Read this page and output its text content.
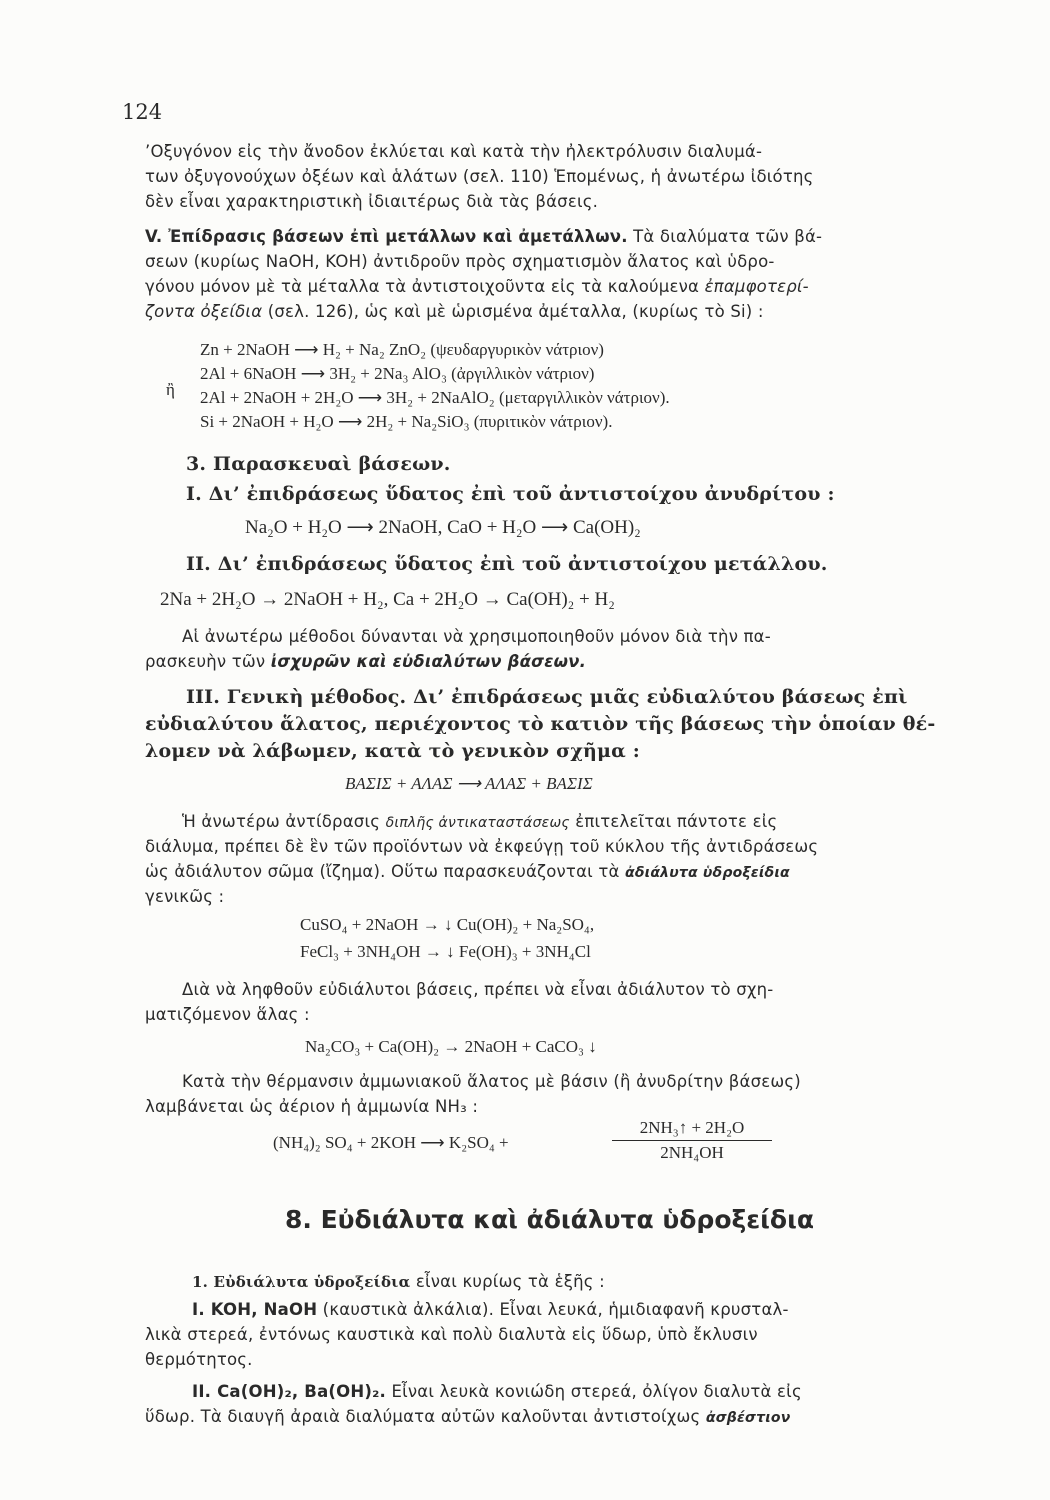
124
’Οξυγόνον εἰς τὴν ἄνοδον ἐκλύεται καὶ κατὰ τὴν ἠλεκτρόλυσιν διαλυμά-
των ὀξυγονούχων ὀξέων καὶ ἁλάτων (σελ. 110) Ἑπομένως, ἡ ἀνωτέρω ἰδιότης
δὲν εἶναι χαρακτηριστικὴ ἰδιαιτέρως διὰ τὰς βάσεις.
V. Ἐπίδρασις βάσεων ἐπὶ μετάλλων καὶ ἀμετάλλων. Τὰ διαλύματα τῶν βά-
σεων (κυρίως NaOH, KOH) ἀντιδροῦν πρὸς σχηματισμὸν ἅλατος καὶ ὑδρο-
γόνου μόνον μὲ τὰ μέταλλα τὰ ἀντιστοιχοῦντα εἰς τὰ καλούμενα ἐπαμφοτερί-
ζοντα ὀξείδια (σελ. 126), ὡς καὶ μὲ ὡρισμένα ἀμέταλλα, (κυρίως τὸ Si) :
Zn + 2NaOH ⟶ H₂ + Na₂ ZnO₂ (ψευδαργυρικὸν νάτριον)
2Al + 6NaOH ⟶ 3H₂ + 2Na₃ AlO₃ (ἀργιλλικὸν νάτριον)
ἢ 2Al + 2NaOH + 2H₂O ⟶ 3H₂ + 2NaAlO₂ (μεταργιλλικὸν νάτριον).
Si + 2NaOH + H₂O ⟶ 2H₂ + Na₂SiO₃ (πυριτικὸν νάτριον).
3. Παρασκευαὶ βάσεων.
I. Δι’ ἐπιδράσεως ὕδατος ἐπὶ τοῦ ἀντιστοίχου ἀνυδρίτου :
Na₂O + H₂O ⟶ 2NaOH, CaO + H₂O ⟶ Ca(OH)₂
II. Δι’ ἐπιδράσεως ὕδατος ἐπὶ τοῦ ἀντιστοίχου μετάλλου.
2Na + 2H₂O → 2NaOH + H₂, Ca + 2H₂O → Ca(OH)₂ + H₂
Αἱ ἀνωτέρω μέθοδοι δύνανται νὰ χρησιμοποιηθοῦν μόνον διὰ τὴν πα-
ρασκευὴν τῶν ἰσχυρῶν καὶ εὐδιαλύτων βάσεων.
III. Γενικὴ μέθοδος. Δι’ ἐπιδράσεως μιᾶς εὐδιαλύτου βάσεως ἐπὶ
εὐδιαλύτου ἅλατος, περιέχοντος τὸ κατιὸν τῆς βάσεως τὴν ὁποίαν θέ-
λομεν νὰ λάβωμεν, κατὰ τὸ γενικὸν σχῆμα :
ΒΑΣΙΣ + ΑΛΑΣ ⟶ ΑΛΑΣ + ΒΑΣΙΣ
Ἡ ἀνωτέρω ἀντίδρασις διπλῆς ἀντικαταστάσεως ἐπιτελεῖται πάντοτε εἰς
διάλυμα, πρέπει δὲ ἓν τῶν προϊόντων νὰ ἐκφεύγῃ τοῦ κύκλου τῆς ἀντιδράσεως
ὡς ἀδιάλυτον σῶμα (ἴζημα). Οὕτω παρασκευάζονται τὰ ἀδιάλυτα ὑδροξείδια
γενικῶς :
CuSO₄ + 2NaOH → ↓ Cu(OH)₂ + Na₂SO₄,
FeCl₃ + 3NH₄OH → ↓ Fe(OH)₃ + 3NH₄Cl
Διὰ νὰ ληφθοῦν εὐδιάλυτοι βάσεις, πρέπει νὰ εἶναι ἀδιάλυτον τὸ σχη-
ματιζόμενον ἅλας :
Na₂CO₃ + Ca(OH)₂ → 2NaOH + CaCO₃ ↓
Κατὰ τὴν θέρμανσιν ἀμμωνιακοῦ ἅλατος μὲ βάσιν (ἢ ἀνυδρίτην βάσεως)
λαμβάνεται ὡς ἀέριον ἡ ἀμμωνία NH₃ :
(NH₄)₂ SO₄ + 2KOH ⟶ K₂SO₄ +	$\frac{\text{2NH₃↑ + 2H₂O}}{\text{2NH₄OH}}$
8. Εὐδιάλυτα καὶ ἀδιάλυτα ὑδροξείδια
1. Εὐδιάλυτα ὑδροξείδια εἶναι κυρίως τὰ ἑξῆς :
I. KOH, NaOH (καυστικὰ ἀλκάλια). Εἶναι λευκά, ἡμιδιαφανῆ κρυσταλ-
λικὰ στερεά, ἐντόνως καυστικὰ καὶ πολὺ διαλυτὰ εἰς ὕδωρ, ὑπὸ ἔκλυσιν
θερμότητος.
II. Ca(OH)₂, Ba(OH)₂. Εἶναι λευκὰ κονιώδη στερεά, ὀλίγον διαλυτὰ εἰς
ὕδωρ. Τὰ διαυγῆ ἀραιὰ διαλύματα αὐτῶν καλοῦνται ἀντιστοίχως ἀσβέστιον
